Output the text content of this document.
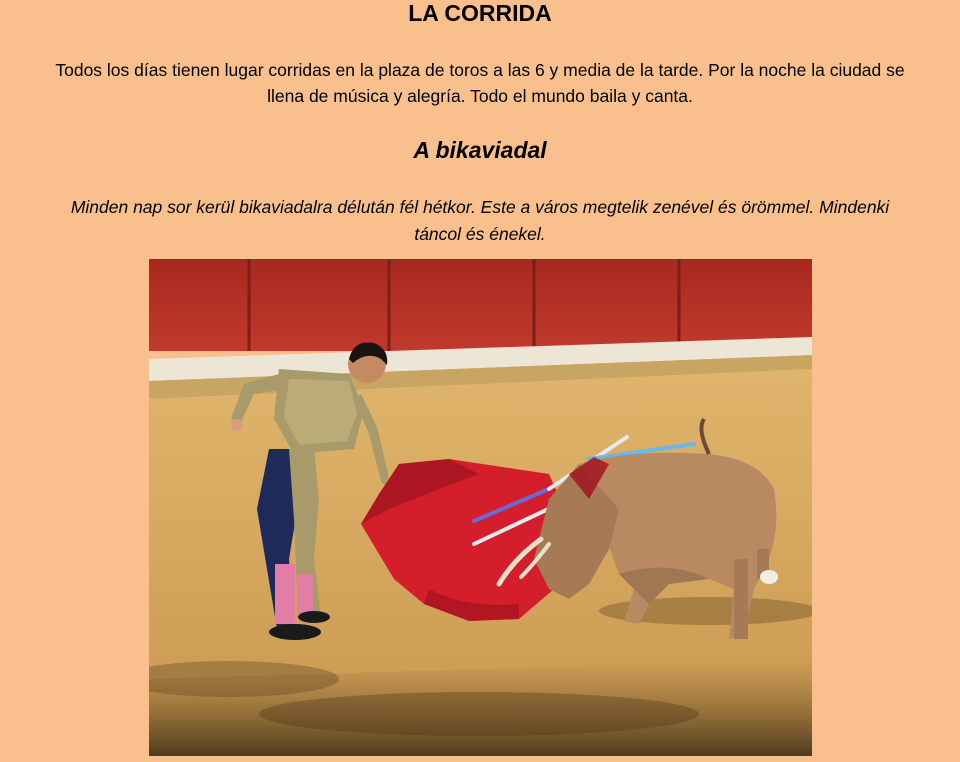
LA CORRIDA
Todos los días tienen lugar corridas en la plaza de toros a las 6 y media de la tarde. Por la noche la ciudad se
llena de música y alegría. Todo el mundo baila y canta.
A bikaviadal
Minden nap sor kerül bikaviadalra délután fél hétkor. Este a város megtelik zenével és örömmel. Mindenki
táncol és énekel.
